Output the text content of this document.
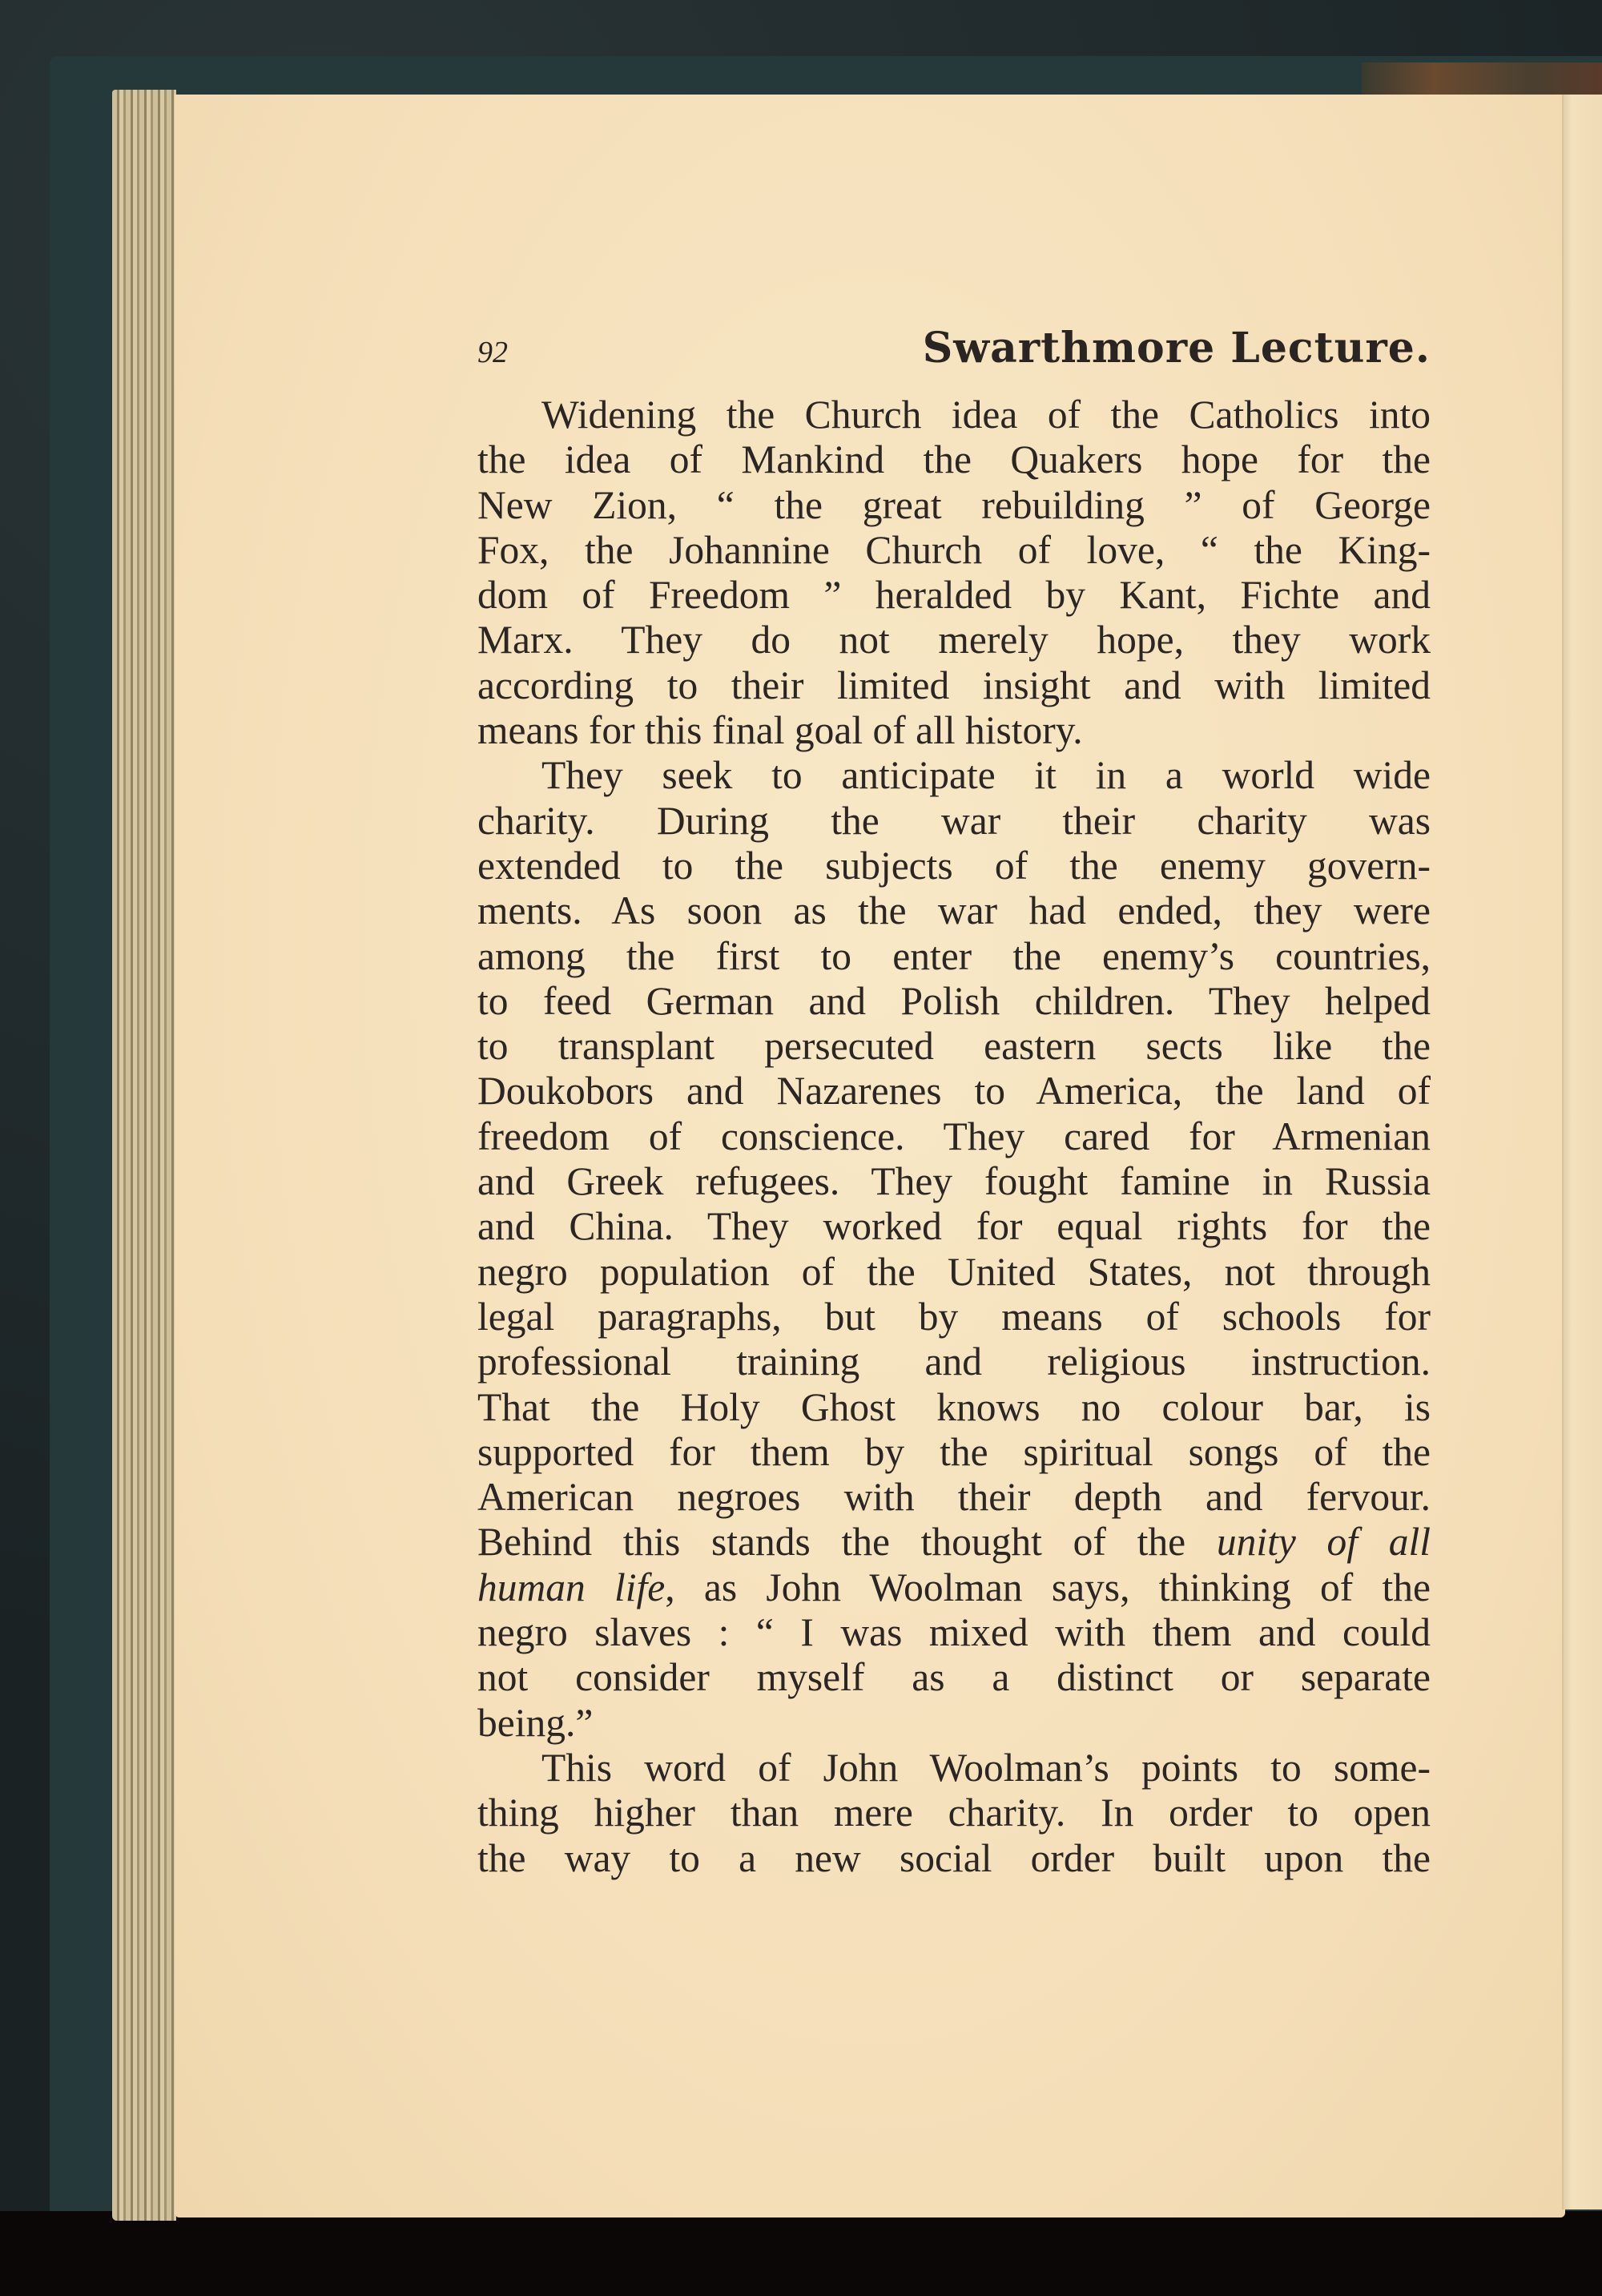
92	Swarthmore Lecture.
Widening the Church idea of the Catholics into
the idea of Mankind the Quakers hope for the
New Zion, “ the great rebuilding ” of George
Fox, the Johannine Church of love, “ the King-
dom of Freedom ” heralded by Kant, Fichte and
Marx. They do not merely hope, they work
according to their limited insight and with limited
means for this final goal of all history.
They seek to anticipate it in a world wide
charity. During the war their charity was
extended to the subjects of the enemy govern-
ments. As soon as the war had ended, they were
among the first to enter the enemy’s countries,
to feed German and Polish children. They helped
to transplant persecuted eastern sects like the
Doukobors and Nazarenes to America, the land of
freedom of conscience. They cared for Armenian
and Greek refugees. They fought famine in Russia
and China. They worked for equal rights for the
negro population of the United States, not through
legal paragraphs, but by means of schools for
professional training and religious instruction.
That the Holy Ghost knows no colour bar, is
supported for them by the spiritual songs of the
American negroes with their depth and fervour.
Behind this stands the thought of the unity of all
human life, as John Woolman says, thinking of the
negro slaves : “ I was mixed with them and could
not consider myself as a distinct or separate
being.”
This word of John Woolman’s points to some-
thing higher than mere charity. In order to open
the way to a new social order built upon the
